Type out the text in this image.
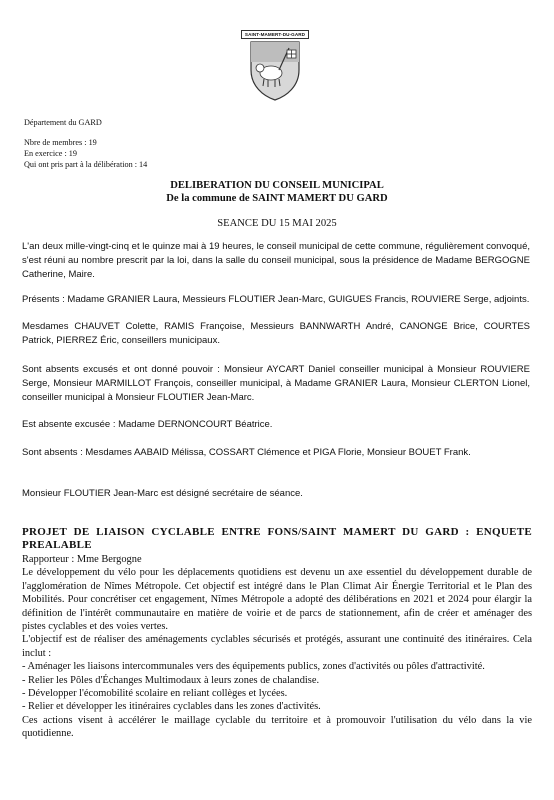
SAINT-MAMERT-DU-GARD
Département du GARD
Nbre de membres : 19
En exercice : 19
Qui ont pris part à la délibération : 14
DELIBERATION DU CONSEIL MUNICIPAL
De la commune de SAINT MAMERT DU GARD
SEANCE DU 15 MAI 2025
L'an deux mille-vingt-cinq et le quinze mai à 19 heures, le conseil municipal de cette commune, régulièrement convoqué, s'est réuni au nombre prescrit par la loi, dans la salle du conseil municipal, sous la présidence de Madame BERGOGNE Catherine, Maire.
Présents : Madame GRANIER Laura, Messieurs FLOUTIER Jean-Marc, GUIGUES Francis, ROUVIERE Serge, adjoints.
Mesdames CHAUVET Colette, RAMIS Françoise, Messieurs BANNWARTH André, CANONGE Brice, COURTES Patrick, PIERREZ Éric, conseillers municipaux.
Sont absents excusés et ont donné pouvoir : Monsieur AYCART Daniel conseiller municipal à Monsieur ROUVIERE Serge, Monsieur MARMILLOT François, conseiller municipal, à Madame GRANIER Laura, Monsieur CLERTON Lionel, conseiller municipal à Monsieur FLOUTIER Jean-Marc.
Est absente excusée : Madame DERNONCOURT Béatrice.
Sont absents : Mesdames AABAID Mélissa, COSSART Clémence et PIGA Florie, Monsieur BOUET Frank.
Monsieur FLOUTIER Jean-Marc est désigné secrétaire de séance.
PROJET DE LIAISON CYCLABLE ENTRE FONS/SAINT MAMERT DU GARD : ENQUETE
PREALABLE
Rapporteur : Mme Bergogne
Le développement du vélo pour les déplacements quotidiens est devenu un axe essentiel du développement durable de l'agglomération de Nîmes Métropole. Cet objectif est intégré dans le Plan Climat Air Énergie Territorial et le Plan des Mobilités. Pour concrétiser cet engagement, Nîmes Métropole a adopté des délibérations en 2021 et 2024 pour élargir la définition de l'intérêt communautaire en matière de voirie et de parcs de stationnement, afin de créer et aménager des pistes cyclables et des voies vertes.
L'objectif est de réaliser des aménagements cyclables sécurisés et protégés, assurant une continuité des itinéraires. Cela inclut :
- Aménager les liaisons intercommunales vers des équipements publics, zones d'activités ou pôles d'attractivité.
- Relier les Pôles d'Échanges Multimodaux à leurs zones de chalandise.
- Développer l'écomobilité scolaire en reliant collèges et lycées.
- Relier et développer les itinéraires cyclables dans les zones d'activités.
Ces actions visent à accélérer le maillage cyclable du territoire et à promouvoir l'utilisation du vélo dans la vie quotidienne.
